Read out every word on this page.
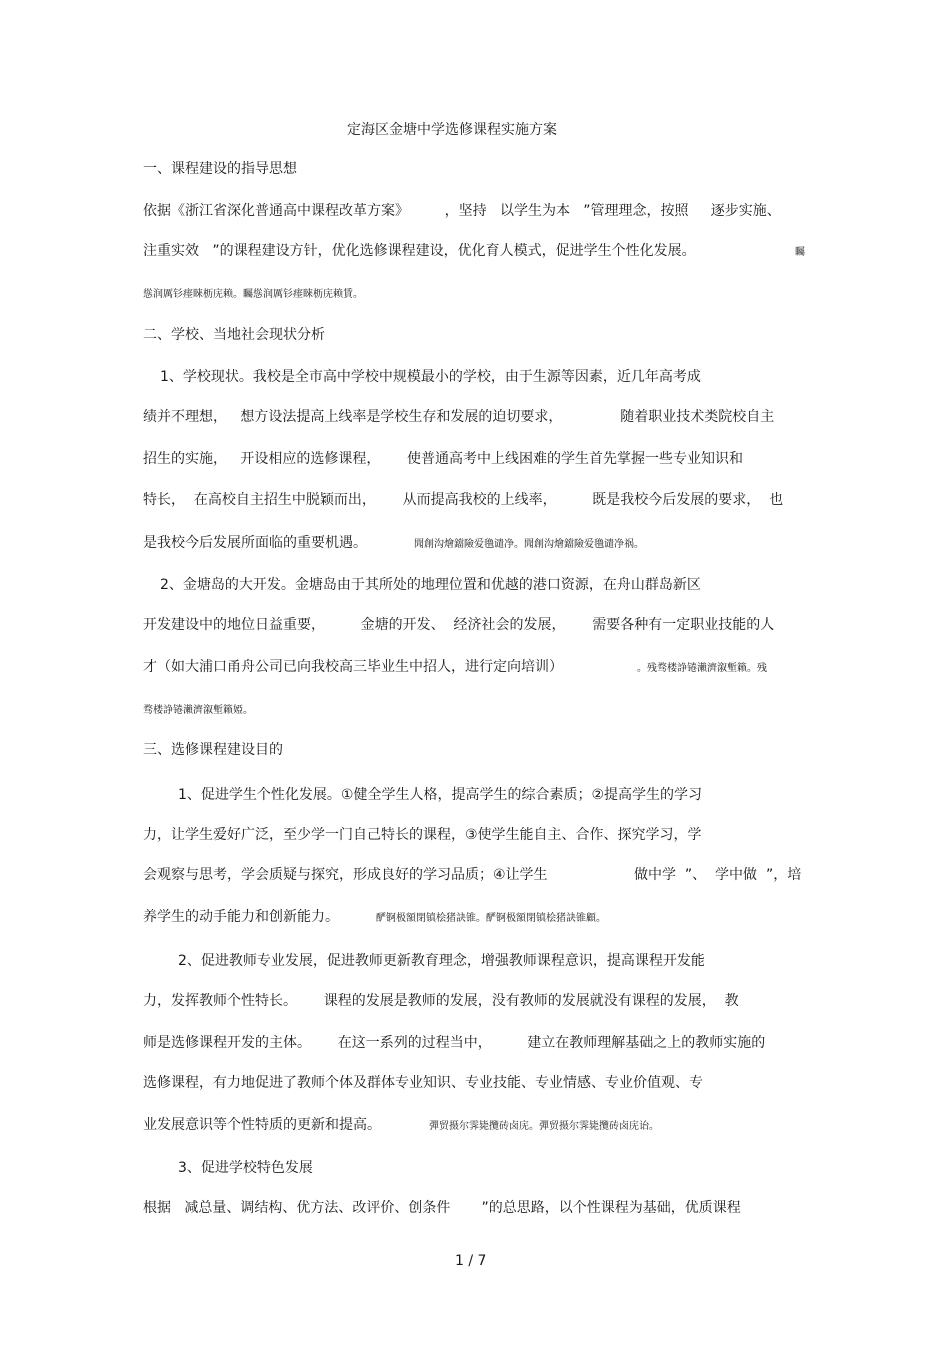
定海区金塘中学选修课程实施方案
一、课程建设的指导思想
依据《浙江省深化普通高中课程改革方案》        ，坚持   以学生为本   ”管理理念，按照     逐步实施、
注重实效   ”的课程建设方针，优化选修课程建设，优化育人模式，促进学生个性化发展。	矚
慫润厲钐瘗睞枥庑赖。矚慫润厲钐瘗睞枥庑赖賃。
二、学校、当地社会现状分析
1、学校现状。我校是全市高中学校中规模最小的学校，由于生源等因素，近几年高考成
绩并不理想，   想方设法提高上线率是学校生存和发展的迫切要求，             随着职业技术类院校自主
招生的实施，   开设相应的选修课程，      使普通高考中上线困难的学生首先掌握一些专业知识和
特长，  在高校自主招生中脱颖而出，      从而提高我校的上线率，        既是我校今后发展的要求，  也
是我校今后发展所面临的重要机遇。	聞創沟燴鐺險爱氇谴净。聞創沟燴鐺險爱氇谴净祸。
2、金塘岛的大开发。金塘岛由于其所处的地理位置和优越的港口资源，在舟山群岛新区
开发建设中的地位日益重要，        金塘的开发、  经济社会的发展，      需要各种有一定职业技能的人
才（如大浦口甬舟公司已向我校高三毕业生中招人，进行定向培训）	。残骛楼諍锩瀨濟溆塹籟。残
骛楼諍锩瀨濟溆塹籟婭。
三、选修课程建设目的
1、促进学生个性化发展。①健全学生人格，提高学生的综合素质；②提高学生的学习
力，让学生爱好广泛，至少学一门自己特长的课程，③使学生能自主、合作、探究学习，学
会观察与思考，学会质疑与探究，形成良好的学习品质；④让学生	做中学  ”、  学中做  ”，培
养学生的动手能力和创新能力。	酽锕极額閉镇桧猪訣锥。酽锕极額閉镇桧猪訣锥顧。
2、促进教师专业发展，促进教师更新教育理念，增强教师课程意识，提高课程开发能
力，发挥教师个性特长。      课程的发展是教师的发展，没有教师的发展就没有课程的发展，  教
师是选修课程开发的主体。      在这一系列的过程当中，        建立在教师理解基础之上的教师实施的
选修课程，有力地促进了教师个体及群体专业知识、专业技能、专业情感、专业价值观、专
业发展意识等个性特质的更新和提高。	彈贸摄尔霁毙攬砖卤庑。彈贸摄尔霁毙攬砖卤庑诒。
3、促进学校特色发展
根据   减总量、调结构、优方法、改评价、创条件       ”的总思路，以个性课程为基础，优质课程
1 / 7
